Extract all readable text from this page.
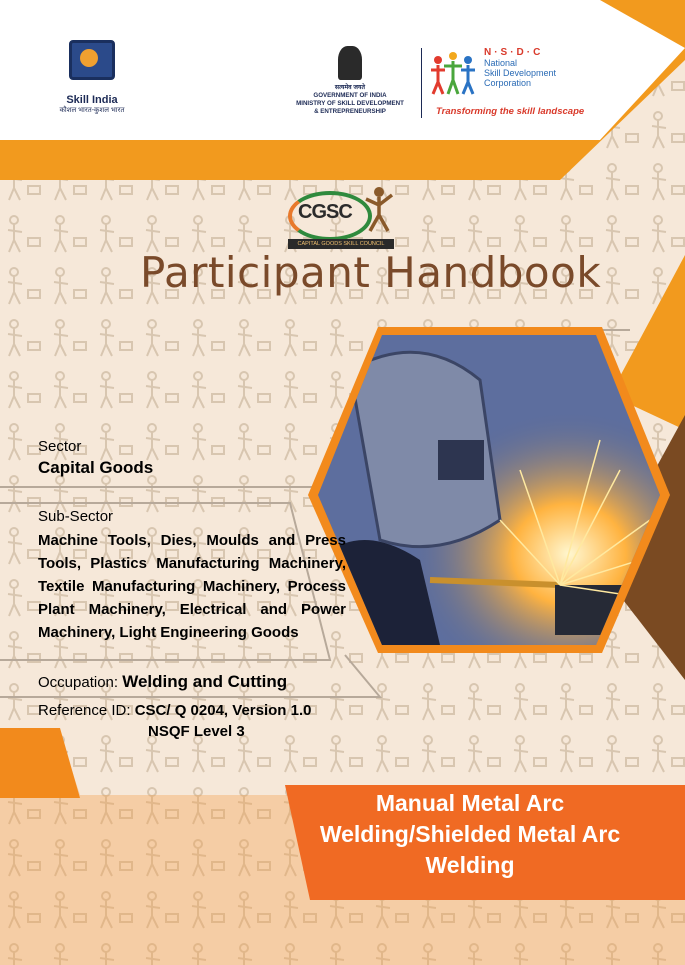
Skill India
कौशल भारत-कुशल भारत
सत्यमेव जयते
GOVERNMENT OF INDIA
MINISTRY OF SKILL DEVELOPMENT
& ENTREPRENEURSHIP
N·S·D·C
National
Skill Development
Corporation
Transforming the skill landscape
CGSC
CAPITAL GOODS SKILL COUNCIL
Participant Handbook
Sector
Capital Goods
Sub-Sector
Machine Tools, Dies, Moulds and Press Tools, Plastics Manufacturing Machinery, Textile Manufacturing Machinery, Process Plant Machinery, Electrical and Power Machinery, Light Engineering Goods
Occupation: Welding and Cutting
Reference ID: CSC/ Q 0204, Version 1.0
NSQF Level 3
Manual Metal Arc Welding/Shielded Metal Arc Welding
